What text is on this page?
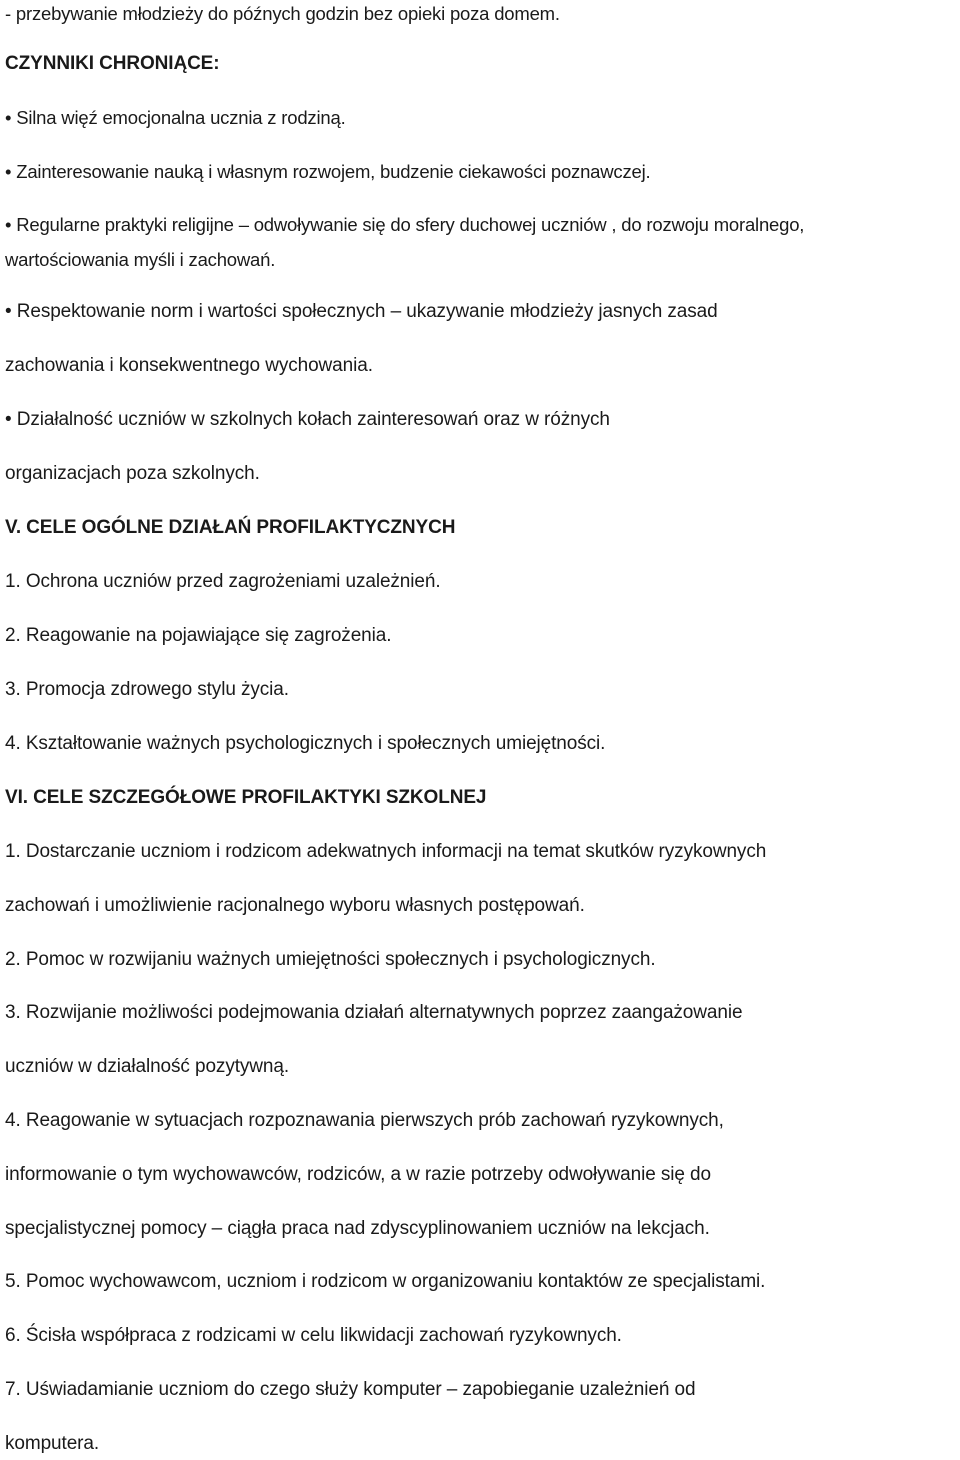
- przebywanie młodzieży do późnych godzin bez opieki poza domem.
CZYNNIKI CHRONIĄCE:
• Silna więź emocjonalna ucznia z rodziną.
• Zainteresowanie nauką i własnym rozwojem, budzenie ciekawości poznawczej.
• Regularne praktyki religijne – odwoływanie się do sfery duchowej uczniów , do rozwoju moralnego,
wartościowania myśli i zachowań.
• Respektowanie norm i wartości społecznych – ukazywanie młodzieży jasnych zasad
zachowania i konsekwentnego wychowania.
• Działalność uczniów w szkolnych kołach zainteresowań oraz w różnych
organizacjach poza szkolnych.
V. CELE OGÓLNE DZIAŁAŃ PROFILAKTYCZNYCH
1. Ochrona uczniów przed zagrożeniami uzależnień.
2. Reagowanie na pojawiające się zagrożenia.
3. Promocja zdrowego stylu życia.
4. Kształtowanie ważnych psychologicznych i społecznych umiejętności.
VI. CELE SZCZEGÓŁOWE PROFILAKTYKI SZKOLNEJ
1. Dostarczanie uczniom i rodzicom adekwatnych informacji na temat skutków ryzykownych
zachowań i umożliwienie racjonalnego wyboru własnych postępowań.
2. Pomoc w rozwijaniu ważnych umiejętności społecznych i psychologicznych.
3. Rozwijanie możliwości podejmowania działań alternatywnych poprzez zaangażowanie
uczniów w działalność pozytywną.
4. Reagowanie w sytuacjach rozpoznawania pierwszych prób zachowań ryzykownych,
informowanie o tym wychowawców, rodziców, a w razie potrzeby odwoływanie się do
specjalistycznej pomocy – ciągła praca nad zdyscyplinowaniem uczniów na lekcjach.
5. Pomoc wychowawcom, uczniom i rodzicom w organizowaniu kontaktów ze specjalistami.
6. Ścisła współpraca z rodzicami w celu likwidacji zachowań ryzykownych.
7. Uświadamianie uczniom do czego służy komputer – zapobieganie uzależnień od
komputera.
